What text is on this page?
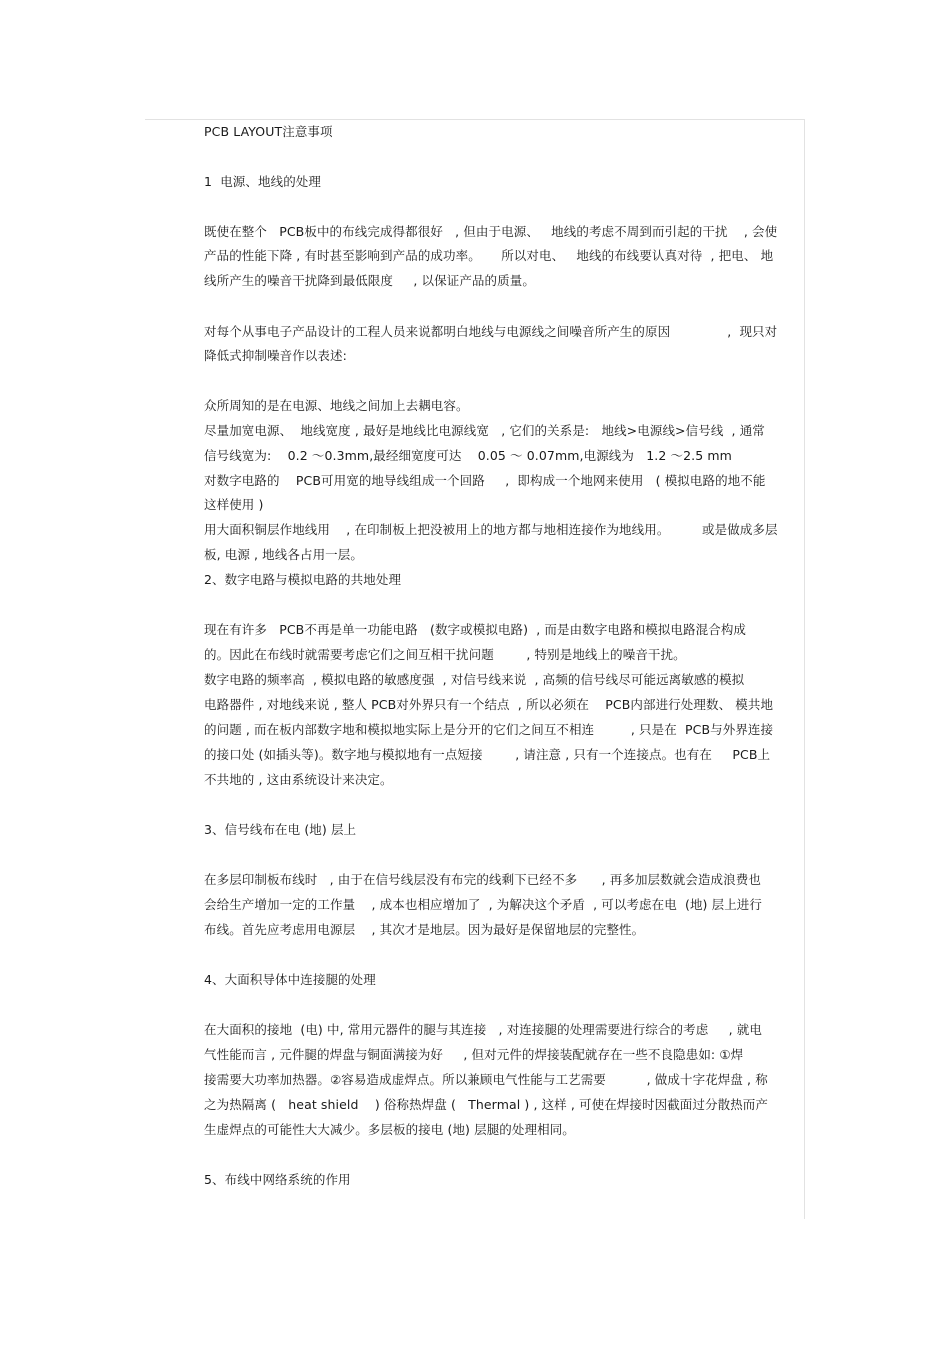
PCB LAYOUT注意事项
1  电源、地线的处理
既使在整个   PCB板中的布线完成得都很好   , 但由于电源、   地线的考虑不周到而引起的干扰    , 会使
产品的性能下降 , 有时甚至影响到产品的成功率。     所以对电、   地线的布线要认真对待  , 把电、 地
线所产生的噪音干扰降到最低限度     , 以保证产品的质量。
对每个从事电子产品设计的工程人员来说都明白地线与电源线之间噪音所产生的原因              ,  现只对
降低式抑制噪音作以表述:
众所周知的是在电源、地线之间加上去耦电容。
尽量加宽电源、  地线宽度 , 最好是地线比电源线宽   , 它们的关系是:   地线>电源线>信号线  , 通常
信号线宽为:    0.2 ～0.3mm,最经细宽度可达    0.05 ～ 0.07mm,电源线为   1.2 ～2.5 mm
对数字电路的    PCB可用宽的地导线组成一个回路     ,  即构成一个地网来使用   ( 模拟电路的地不能
这样使用 )
用大面积铜层作地线用    , 在印制板上把没被用上的地方都与地相连接作为地线用。        或是做成多层
板, 电源 , 地线各占用一层。
2、数字电路与模拟电路的共地处理
现在有许多   PCB不再是单一功能电路   (数字或模拟电路)  , 而是由数字电路和模拟电路混合构成
的。因此在布线时就需要考虑它们之间互相干扰问题        , 特别是地线上的噪音干扰。
数字电路的频率高  , 模拟电路的敏感度强  , 对信号线来说  , 高频的信号线尽可能远离敏感的模拟
电路器件 , 对地线来说 , 整人 PCB对外界只有一个结点  , 所以必须在    PCB内部进行处理数、 模共地
的问题 , 而在板内部数字地和模拟地实际上是分开的它们之间互不相连         , 只是在  PCB与外界连接
的接口处 (如插头等)。数字地与模拟地有一点短接        , 请注意 , 只有一个连接点。也有在     PCB上
不共地的 , 这由系统设计来决定。
3、信号线布在电 (地) 层上
在多层印制板布线时   , 由于在信号线层没有布完的线剩下已经不多      , 再多加层数就会造成浪费也
会给生产增加一定的工作量    , 成本也相应增加了  , 为解决这个矛盾  , 可以考虑在电  (地) 层上进行
布线。首先应考虑用电源层    , 其次才是地层。因为最好是保留地层的完整性。
4、大面积导体中连接腿的处理
在大面积的接地  (电) 中, 常用元器件的腿与其连接   , 对连接腿的处理需要进行综合的考虑     , 就电
气性能而言 , 元件腿的焊盘与铜面满接为好     , 但对元件的焊接装配就存在一些不良隐患如: ①焊
接需要大功率加热器。②容易造成虚焊点。所以兼顾电气性能与工艺需要          , 做成十字花焊盘 , 称
之为热隔离 (   heat shield    ) 俗称热焊盘 (   Thermal ) , 这样 , 可使在焊接时因截面过分散热而产
生虚焊点的可能性大大减少。多层板的接电 (地) 层腿的处理相同。
5、布线中网络系统的作用
